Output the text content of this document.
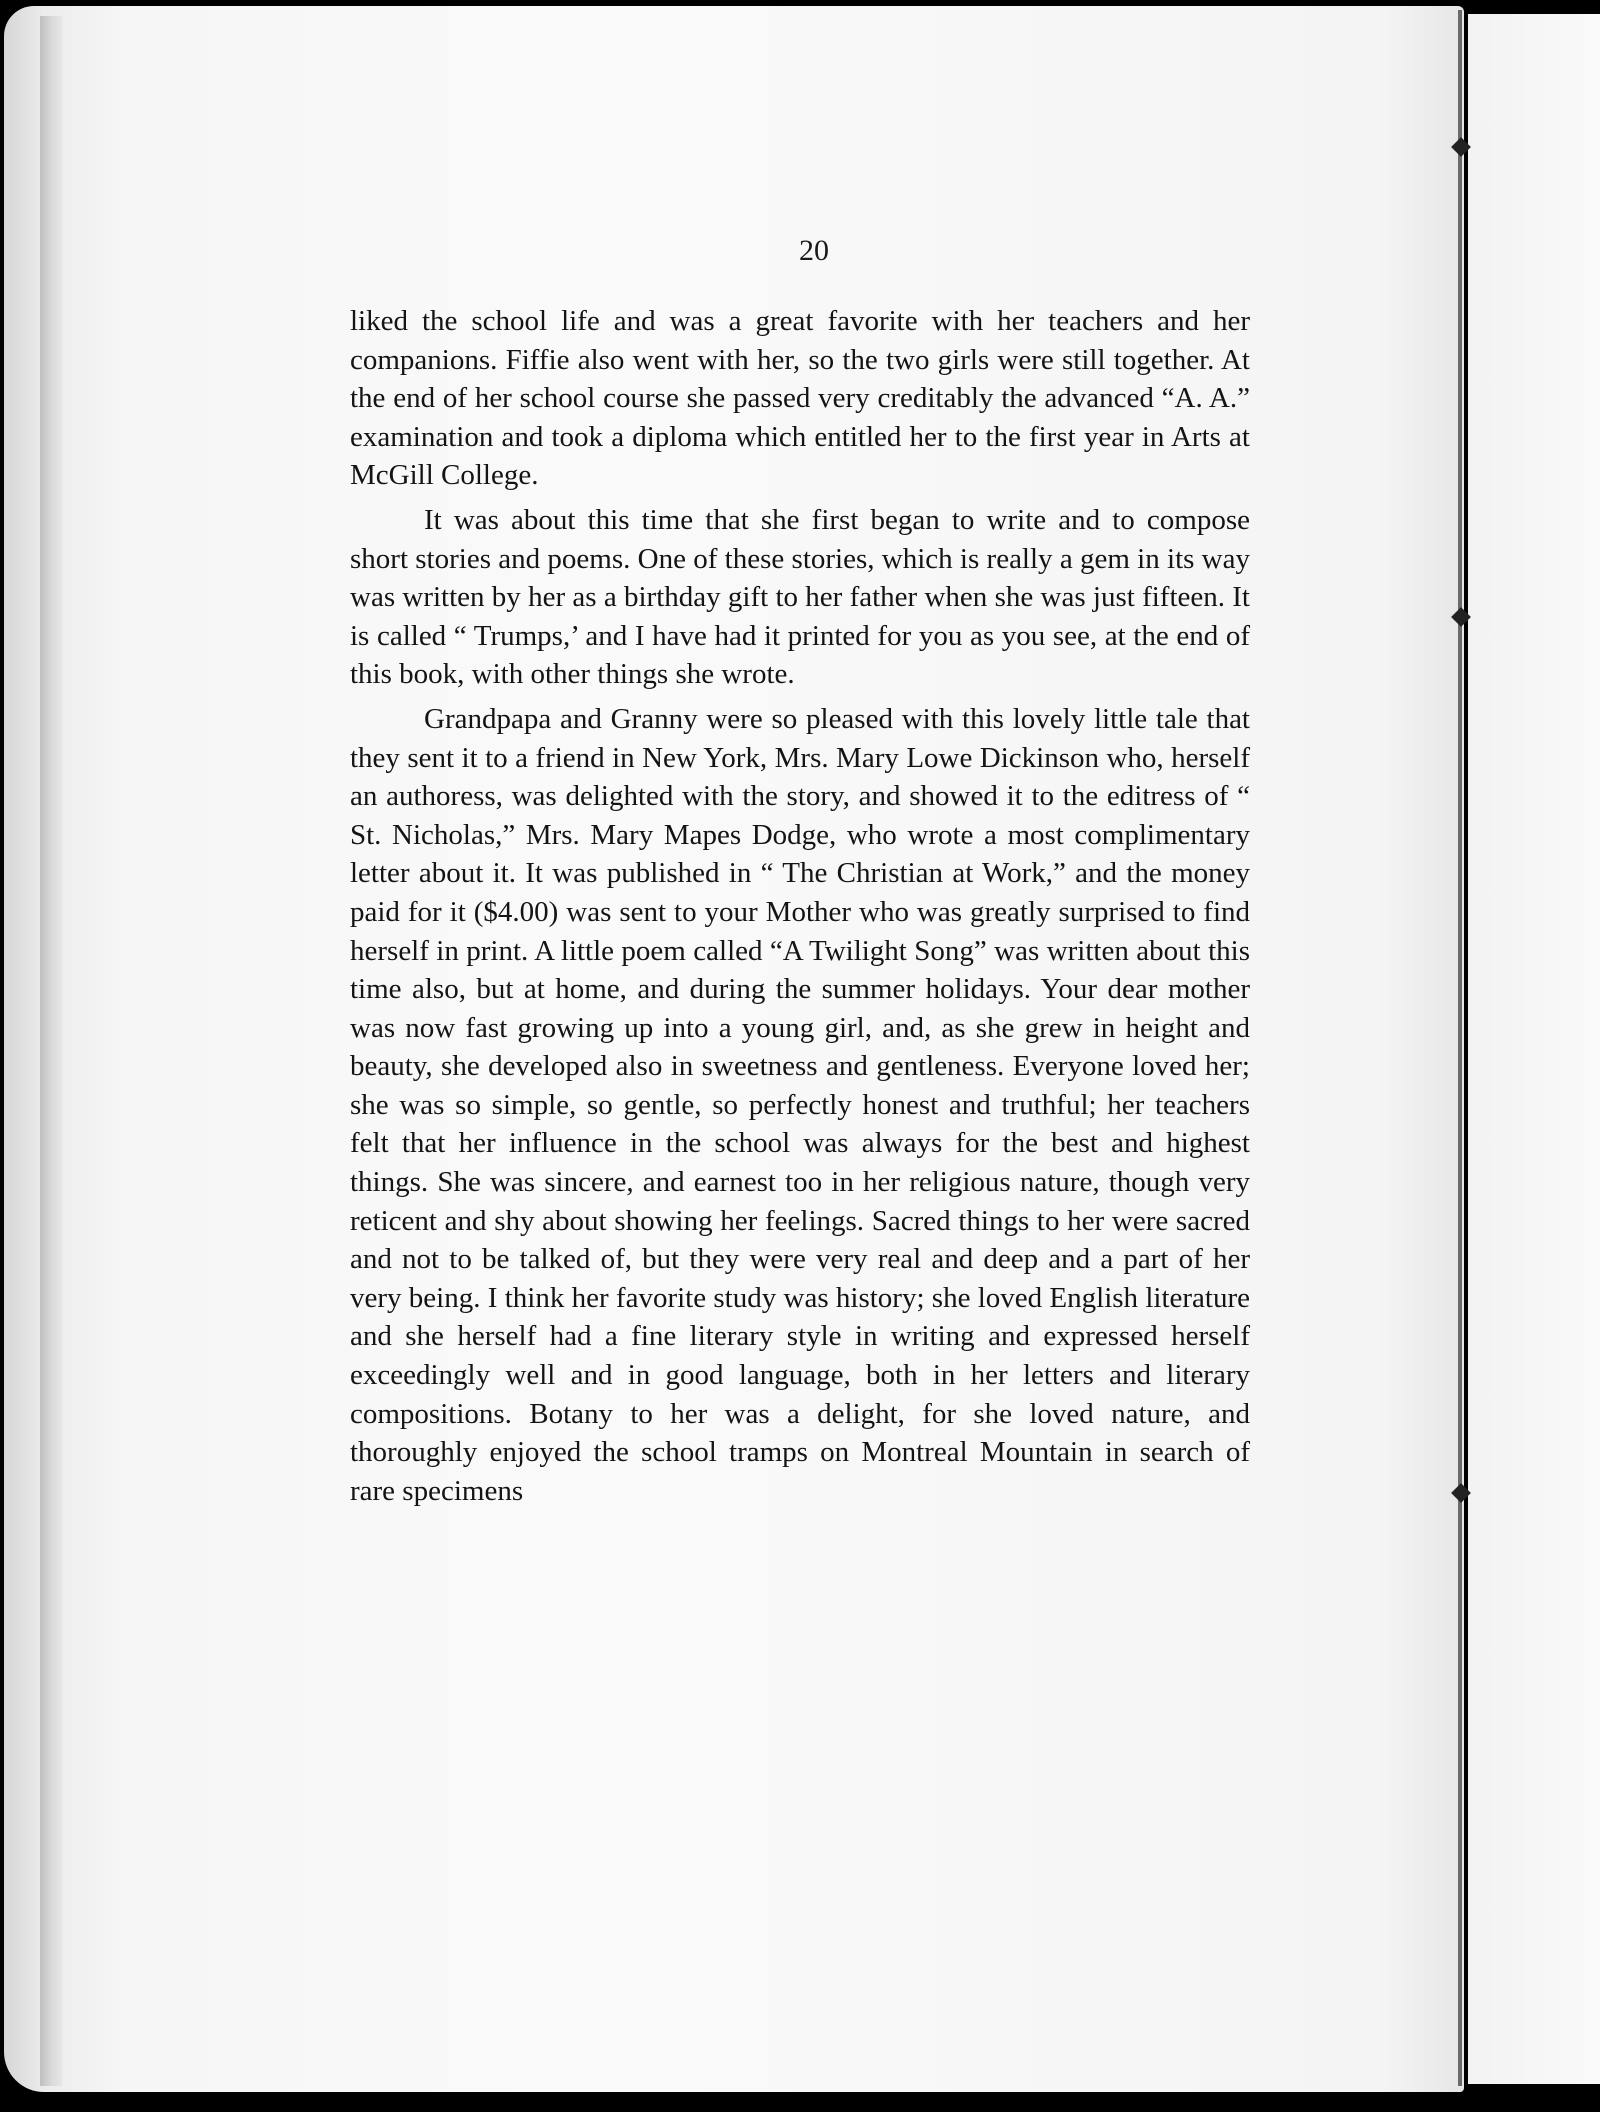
20

liked the school life and was a great favorite with her teachers and her companions. Fiffie also went with her, so the two girls were still together. At the end of her school course she passed very creditably the advanced “A. A.” examination and took a diploma which entitled her to the first year in Arts at McGill College.

It was about this time that she first began to write and to compose short stories and poems. One of these stories, which is really a gem in its way was written by her as a birthday gift to her father when she was just fifteen. It is called “ Trumps,’ and I have had it printed for you as you see, at the end of this book, with other things she wrote.

Grandpapa and Granny were so pleased with this lovely little tale that they sent it to a friend in New York, Mrs. Mary Lowe Dickinson who, herself an authoress, was delighted with the story, and showed it to the editress of “ St. Nicholas,” Mrs. Mary Mapes Dodge, who wrote a most complimentary letter about it. It was published in “ The Christian at Work,” and the money paid for it ($4.00) was sent to your Mother who was greatly surprised to find herself in print. A little poem called “A Twilight Song” was written about this time also, but at home, and during the summer holidays. Your dear mother was now fast growing up into a young girl, and, as she grew in height and beauty, she developed also in sweetness and gentleness. Everyone loved her; she was so simple, so gentle, so perfectly honest and truthful; her teachers felt that her influence in the school was always for the best and highest things. She was sincere, and earnest too in her religious nature, though very reticent and shy about showing her feelings. Sacred things to her were sacred and not to be talked of, but they were very real and deep and a part of her very being. I think her favorite study was history; she loved English literature and she herself had a fine literary style in writing and expressed herself exceedingly well and in good language, both in her letters and literary compositions. Botany to her was a delight, for she loved nature, and thoroughly enjoyed the school tramps on Montreal Mountain in search of rare specimens
